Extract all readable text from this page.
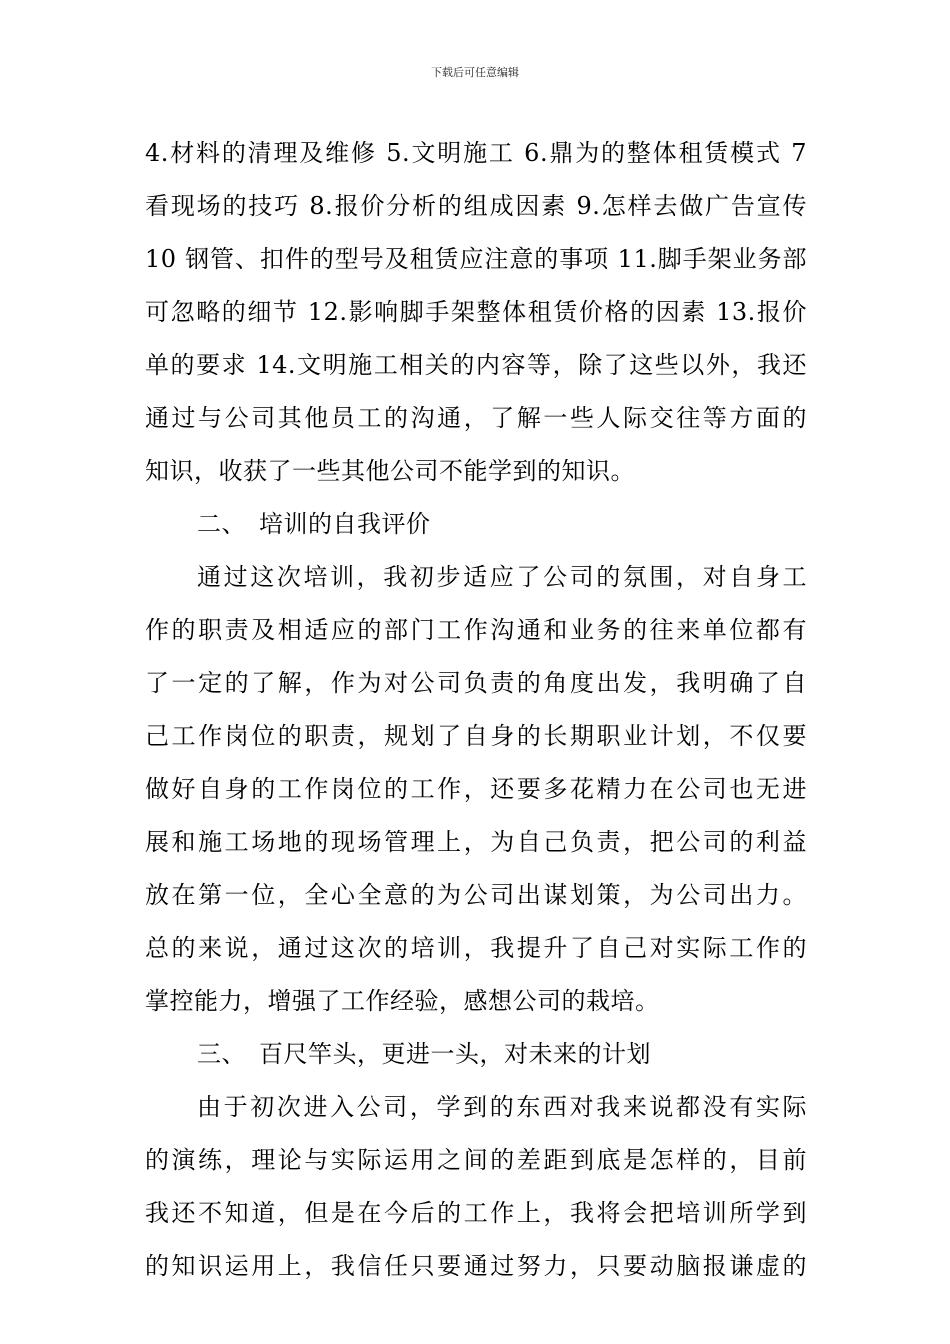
下载后可任意编辑
4.材料的清理及维修 5.文明施工 6.鼎为的整体租赁模式 7
看现场的技巧 8.报价分析的组成因素 9.怎样去做广告宣传
10 钢管、扣件的型号及租赁应注意的事项 11.脚手架业务部
可忽略的细节 12.影响脚手架整体租赁价格的因素 13.报价
单的要求 14.文明施工相关的内容等，除了这些以外，我还
通过与公司其他员工的沟通，了解一些人际交往等方面的
知识，收获了一些其他公司不能学到的知识。
二、 培训的自我评价
通过这次培训，我初步适应了公司的氛围，对自身工
作的职责及相适应的部门工作沟通和业务的往来单位都有
了一定的了解，作为对公司负责的角度出发，我明确了自
己工作岗位的职责，规划了自身的长期职业计划，不仅要
做好自身的工作岗位的工作，还要多花精力在公司也无进
展和施工场地的现场管理上，为自己负责，把公司的利益
放在第一位，全心全意的为公司出谋划策，为公司出力。
总的来说，通过这次的培训，我提升了自己对实际工作的
掌控能力，增强了工作经验，感想公司的栽培。
三、 百尺竿头，更进一头，对未来的计划
由于初次进入公司，学到的东西对我来说都没有实际
的演练，理论与实际运用之间的差距到底是怎样的，目前
我还不知道，但是在今后的工作上，我将会把培训所学到
的知识运用上，我信任只要通过努力，只要动脑报谦虚的
